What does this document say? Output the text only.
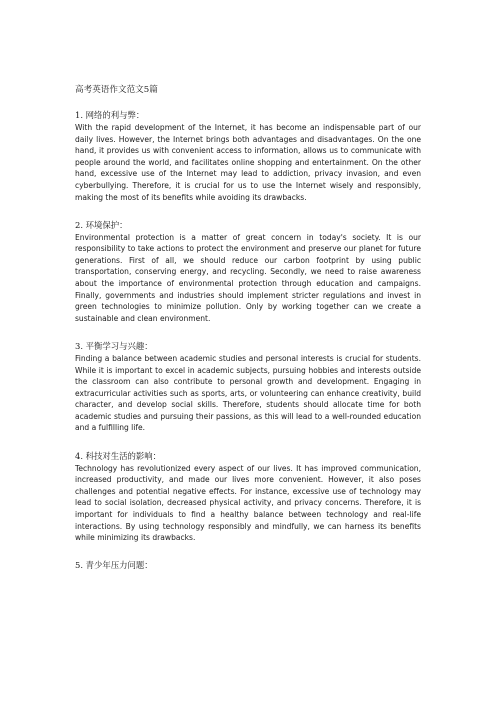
高考英语作文范文5篇
1. 网络的利与弊：
With the rapid development of the Internet, it has become an indispensable part of our daily lives. However, the Internet brings both advantages and disadvantages. On the one hand, it provides us with convenient access to information, allows us to communicate with people around the world, and facilitates online shopping and entertainment. On the other hand, excessive use of the Internet may lead to addiction, privacy invasion, and even cyberbullying. Therefore, it is crucial for us to use the Internet wisely and responsibly, making the most of its benefits while avoiding its drawbacks.
2. 环境保护：
Environmental protection is a matter of great concern in today's society. It is our responsibility to take actions to protect the environment and preserve our planet for future generations. First of all, we should reduce our carbon footprint by using public transportation, conserving energy, and recycling. Secondly, we need to raise awareness about the importance of environmental protection through education and campaigns. Finally, governments and industries should implement stricter regulations and invest in green technologies to minimize pollution. Only by working together can we create a sustainable and clean environment.
3. 平衡学习与兴趣：
Finding a balance between academic studies and personal interests is crucial for students. While it is important to excel in academic subjects, pursuing hobbies and interests outside the classroom can also contribute to personal growth and development. Engaging in extracurricular activities such as sports, arts, or volunteering can enhance creativity, build character, and develop social skills. Therefore, students should allocate time for both academic studies and pursuing their passions, as this will lead to a well-rounded education and a fulfilling life.
4. 科技对生活的影响：
Technology has revolutionized every aspect of our lives. It has improved communication, increased productivity, and made our lives more convenient. However, it also poses challenges and potential negative effects. For instance, excessive use of technology may lead to social isolation, decreased physical activity, and privacy concerns. Therefore, it is important for individuals to find a healthy balance between technology and real-life interactions. By using technology responsibly and mindfully, we can harness its benefits while minimizing its drawbacks.
5. 青少年压力问题：
